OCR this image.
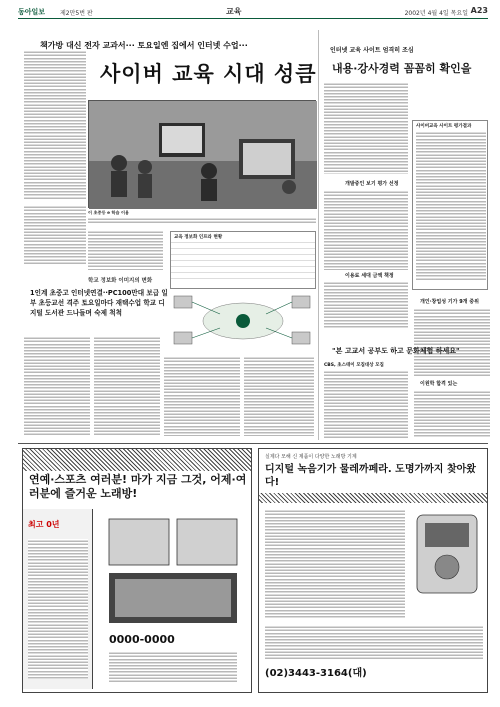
동아일보 제2만5번 판	교육	2002년 4월 4일 목요일 A23
책가방 대신 전자 교과서··· 토요일엔 집에서 인터넷 수업···
사이버 교육 시대 성큼
이 초중등 e 학습 이용
교육 정보화 인프라 현황
학교 정보화 이미지의 변화
1인계 초중고 인터넷연결··PC100만대 보급 일부 초등교선 격주 토요일마다 재택수업 학교 디지털 도서관 드나들며 숙제 척척
인터넷 교육 사이트 엄격히 조심
내용·강사경력 꼼꼼히 확인을
사이버교육 사이트 평가결과
개발중인 보기 평가 선정
이용료 세대 금액 책정
개인·창업성 기가 9개 중위
"본 고교서 공부도 하고 문화체험 하세요"
CBS, 초스테이 모집대상 모집
이원학 합격 있는
연예·스포츠 여러분! 마가 지금 그것, 어제·여러분에 즐거운 노래방!
최고 0년
0000-0000
실제다 모해 신 제품이 다양한 노래방 기계
디지털 녹음기가 물레까페라. 도명가까지 찾아왔다!
(02)3443-3164(대)
